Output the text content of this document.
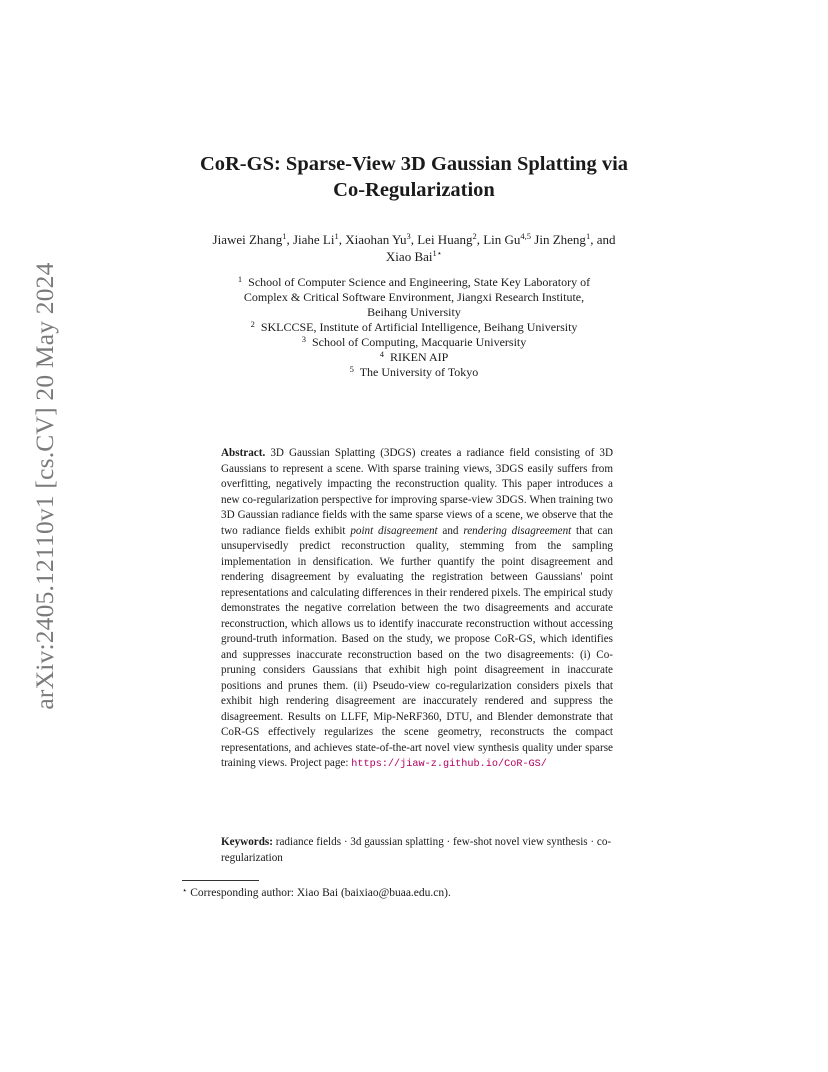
arXiv:2405.12110v1 [cs.CV] 20 May 2024
CoR-GS: Sparse-View 3D Gaussian Splatting via
Co-Regularization
Jiawei Zhang$^1$, Jiahe Li$^1$, Xiaohan Yu$^3$, Lei Huang$^2$, Lin Gu$^{4,5}$ Jin Zheng$^1$, and
Xiao Bai$^{1⋆}$
$^1$ School of Computer Science and Engineering, State Key Laboratory of
Complex & Critical Software Environment, Jiangxi Research Institute,
Beihang University
$^2$ SKLCCSE, Institute of Artificial Intelligence, Beihang University
$^3$ School of Computing, Macquarie University
$^4$ RIKEN AIP
$^5$ The University of Tokyo
Abstract. 3D Gaussian Splatting (3DGS) creates a radiance field consisting of 3D Gaussians to represent a scene. With sparse training views, 3DGS easily suffers from overfitting, negatively impacting the reconstruction quality. This paper introduces a new co-regularization perspective for improving sparse-view 3DGS. When training two 3D Gaussian radiance fields with the same sparse views of a scene, we observe that the two radiance fields exhibit point disagreement and rendering disagreement that can unsupervisedly predict reconstruction quality, stemming from the sampling implementation in densification. We further quantify the point disagreement and rendering disagreement by evaluating the registration between Gaussians' point representations and calculating differences in their rendered pixels. The empirical study demonstrates the negative correlation between the two disagreements and accurate reconstruction, which allows us to identify inaccurate reconstruction without accessing ground-truth information. Based on the study, we propose CoR-GS, which identifies and suppresses inaccurate reconstruction based on the two disagreements: (i) Co-pruning considers Gaussians that exhibit high point disagreement in inaccurate positions and prunes them. (ii) Pseudo-view co-regularization considers pixels that exhibit high rendering disagreement are inaccurately rendered and suppress the disagreement. Results on LLFF, Mip-NeRF360, DTU, and Blender demonstrate that CoR-GS effectively regularizes the scene geometry, reconstructs the compact representations, and achieves state-of-the-art novel view synthesis quality under sparse training views. Project page: https://jiaw-z.github.io/CoR-GS/
Keywords: radiance fields · 3d gaussian splatting · few-shot novel view synthesis · co-regularization
⋆ Corresponding author: Xiao Bai (baixiao@buaa.edu.cn).
